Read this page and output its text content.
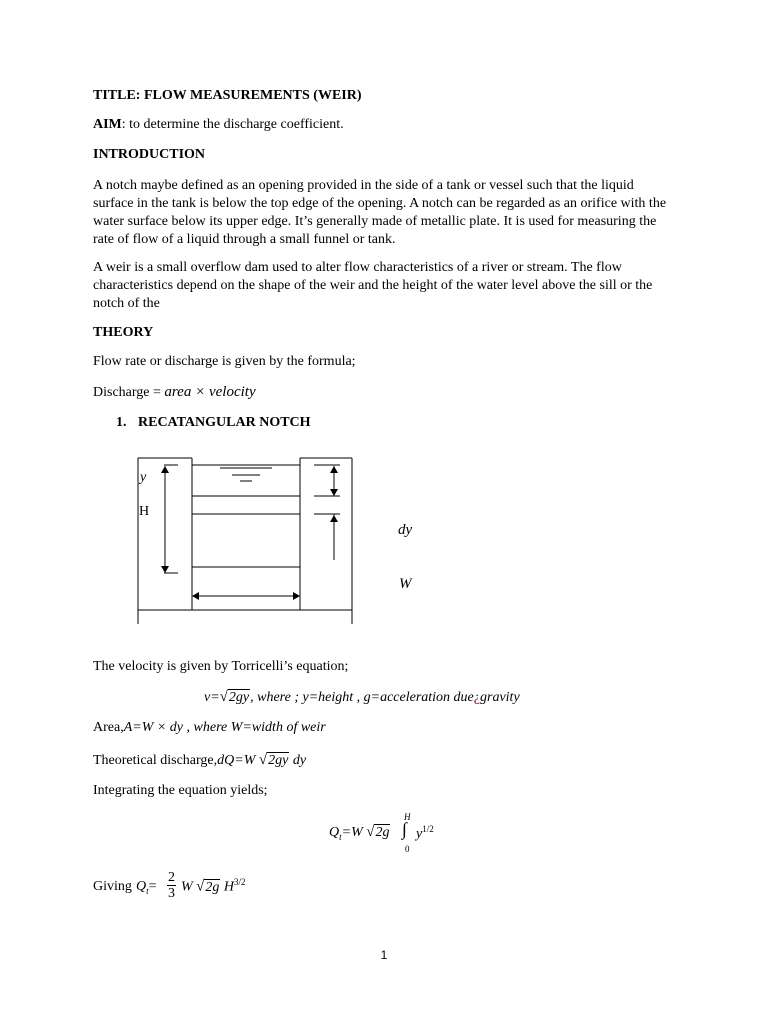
TITLE: FLOW MEASUREMENTS (WEIR)
AIM: to determine the discharge coefficient.
INTRODUCTION
A notch maybe defined as an opening provided in the side of a tank or vessel such that the liquid surface in the tank is below the top edge of the opening. A notch can be regarded as an orifice with the water surface below its upper edge. It’s generally made of metallic plate. It is used for measuring the rate of flow of a liquid through a small funnel or tank.
A weir is a small overflow dam used to alter flow characteristics of a river or stream. The flow characteristics depend on the shape of the weir and the height of the water level above the sill or the notch of the
THEORY
Flow rate or discharge is given by the formula;
Discharge = area × velocity
1. RECATANGULAR NOTCH
y
H
dy
W
The velocity is given by Torricelli’s equation;
v=√2gy, where ; y=height , g=acceleration due¿gravity
Area,A=W × dy , where W=width of weir
Theoretical discharge,dQ=W √2gy dy
Integrating the equation yields;
$Q_t=W$ √2g
H
∫
0
$y^{1/2}$
Giving $Q_t= \frac{2}{3}$ W √2g $H^{3/2}$
1
